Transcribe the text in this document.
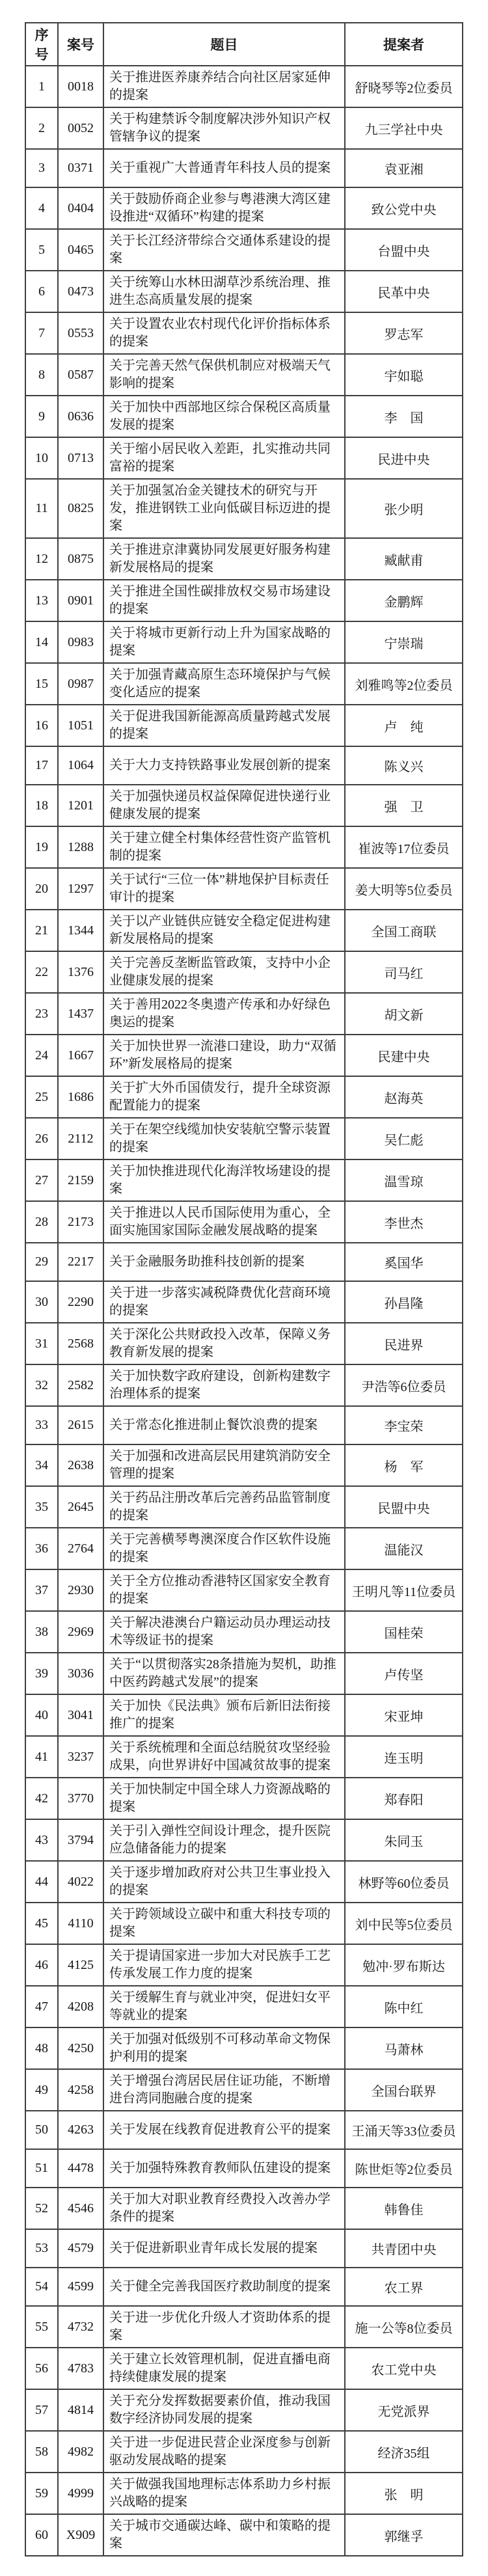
序号	案号	题目	提案者
1	0018	关于推进医养康养结合向社区居家延伸的提案	舒晓琴等2位委员
2	0052	关于构建禁诉令制度解决涉外知识产权管辖争议的提案	九三学社中央
3	0371	关于重视广大普通青年科技人员的提案	袁亚湘
4	0404	关于鼓励侨商企业参与粤港澳大湾区建设推进“双循环”构建的提案	致公党中央
5	0465	关于长江经济带综合交通体系建设的提案	台盟中央
6	0473	关于统筹山水林田湖草沙系统治理、推进生态高质量发展的提案	民革中央
7	0553	关于设置农业农村现代化评价指标体系的提案	罗志军
8	0587	关于完善天然气保供机制应对极端天气影响的提案	宇如聪
9	0636	关于加快中西部地区综合保税区高质量发展的提案	李　国
10	0713	关于缩小居民收入差距，扎实推动共同富裕的提案	民进中央
11	0825	关于加强氢冶金关键技术的研究与开发，推进钢铁工业向低碳目标迈进的提案	张少明
12	0875	关于推进京津冀协同发展更好服务构建新发展格局的提案	臧献甫
13	0901	关于推进全国性碳排放权交易市场建设的提案	金鹏辉
14	0983	关于将城市更新行动上升为国家战略的提案	宁崇瑞
15	0987	关于加强青藏高原生态环境保护与气候变化适应的提案	刘雅鸣等2位委员
16	1051	关于促进我国新能源高质量跨越式发展的提案	卢　纯
17	1064	关于大力支持铁路事业发展创新的提案	陈义兴
18	1201	关于加强快递员权益保障促进快递行业健康发展的提案	强　卫
19	1288	关于建立健全村集体经营性资产监管机制的提案	崔波等17位委员
20	1297	关于试行“三位一体”耕地保护目标责任审计的提案	姜大明等5位委员
21	1344	关于以产业链供应链安全稳定促进构建新发展格局的提案	全国工商联
22	1376	关于完善反垄断监管政策，支持中小企业健康发展的提案	司马红
23	1437	关于善用2022冬奥遗产传承和办好绿色奥运的提案	胡文新
24	1667	关于加快世界一流港口建设，助力“双循环”新发展格局的提案	民建中央
25	1686	关于扩大外币国债发行，提升全球资源配置能力的提案	赵海英
26	2112	关于在架空线缆加快安装航空警示装置的提案	吴仁彪
27	2159	关于加快推进现代化海洋牧场建设的提案	温雪琼
28	2173	关于推进以人民币国际使用为重心，全面实施国家国际金融发展战略的提案	李世杰
29	2217	关于金融服务助推科技创新的提案	奚国华
30	2290	关于进一步落实减税降费优化营商环境的提案	孙昌隆
31	2568	关于深化公共财政投入改革，保障义务教育新发展的提案	民进界
32	2582	关于加快数字政府建设，创新构建数字治理体系的提案	尹浩等6位委员
33	2615	关于常态化推进制止餐饮浪费的提案	李宝荣
34	2638	关于加强和改进高层民用建筑消防安全管理的提案	杨　军
35	2645	关于药品注册改革后完善药品监管制度的提案	民盟中央
36	2764	关于完善横琴粤澳深度合作区软件设施的提案	温能汉
37	2930	关于全方位推动香港特区国家安全教育的提案	王明凡等11位委员
38	2969	关于解决港澳台户籍运动员办理运动技术等级证书的提案	国桂荣
39	3036	关于“以贯彻落实28条措施为契机，助推中医药跨越式发展”的提案	卢传坚
40	3041	关于加快《民法典》颁布后新旧法衔接推广的提案	宋亚坤
41	3237	关于系统梳理和全面总结脱贫攻坚经验成果，向世界讲好中国减贫故事的提案	连玉明
42	3770	关于加快制定中国全球人力资源战略的提案	郑春阳
43	3794	关于引入弹性空间设计理念，提升医院应急储备能力的提案	朱同玉
44	4022	关于逐步增加政府对公共卫生事业投入的提案	林野等60位委员
45	4110	关于跨领域设立碳中和重大科技专项的提案	刘中民等5位委员
46	4125	关于提请国家进一步加大对民族手工艺传承发展工作力度的提案	勉冲·罗布斯达
47	4208	关于缓解生育与就业冲突，促进妇女平等就业的提案	陈中红
48	4250	关于加强对低级别不可移动革命文物保护利用的提案	马萧林
49	4258	关于增强台湾居民居住证功能，不断增进台湾同胞融合度的提案	全国台联界
50	4263	关于发展在线教育促进教育公平的提案	王涌天等33位委员
51	4478	关于加强特殊教育教师队伍建设的提案	陈世炬等2位委员
52	4546	关于加大对职业教育经费投入改善办学条件的提案	韩鲁佳
53	4579	关于促进新职业青年成长发展的提案	共青团中央
54	4599	关于健全完善我国医疗救助制度的提案	农工界
55	4732	关于进一步优化升级人才资助体系的提案	施一公等8位委员
56	4783	关于建立长效管理机制，促进直播电商持续健康发展的提案	农工党中央
57	4814	关于充分发挥数据要素价值，推动我国数字经济协同发展的提案	无党派界
58	4982	关于进一步促进民营企业深度参与创新驱动发展战略的提案	经济35组
59	4999	关于做强我国地理标志体系助力乡村振兴战略的提案	张　明
60	X909	关于城市交通碳达峰、碳中和策略的提案	郭继孚
